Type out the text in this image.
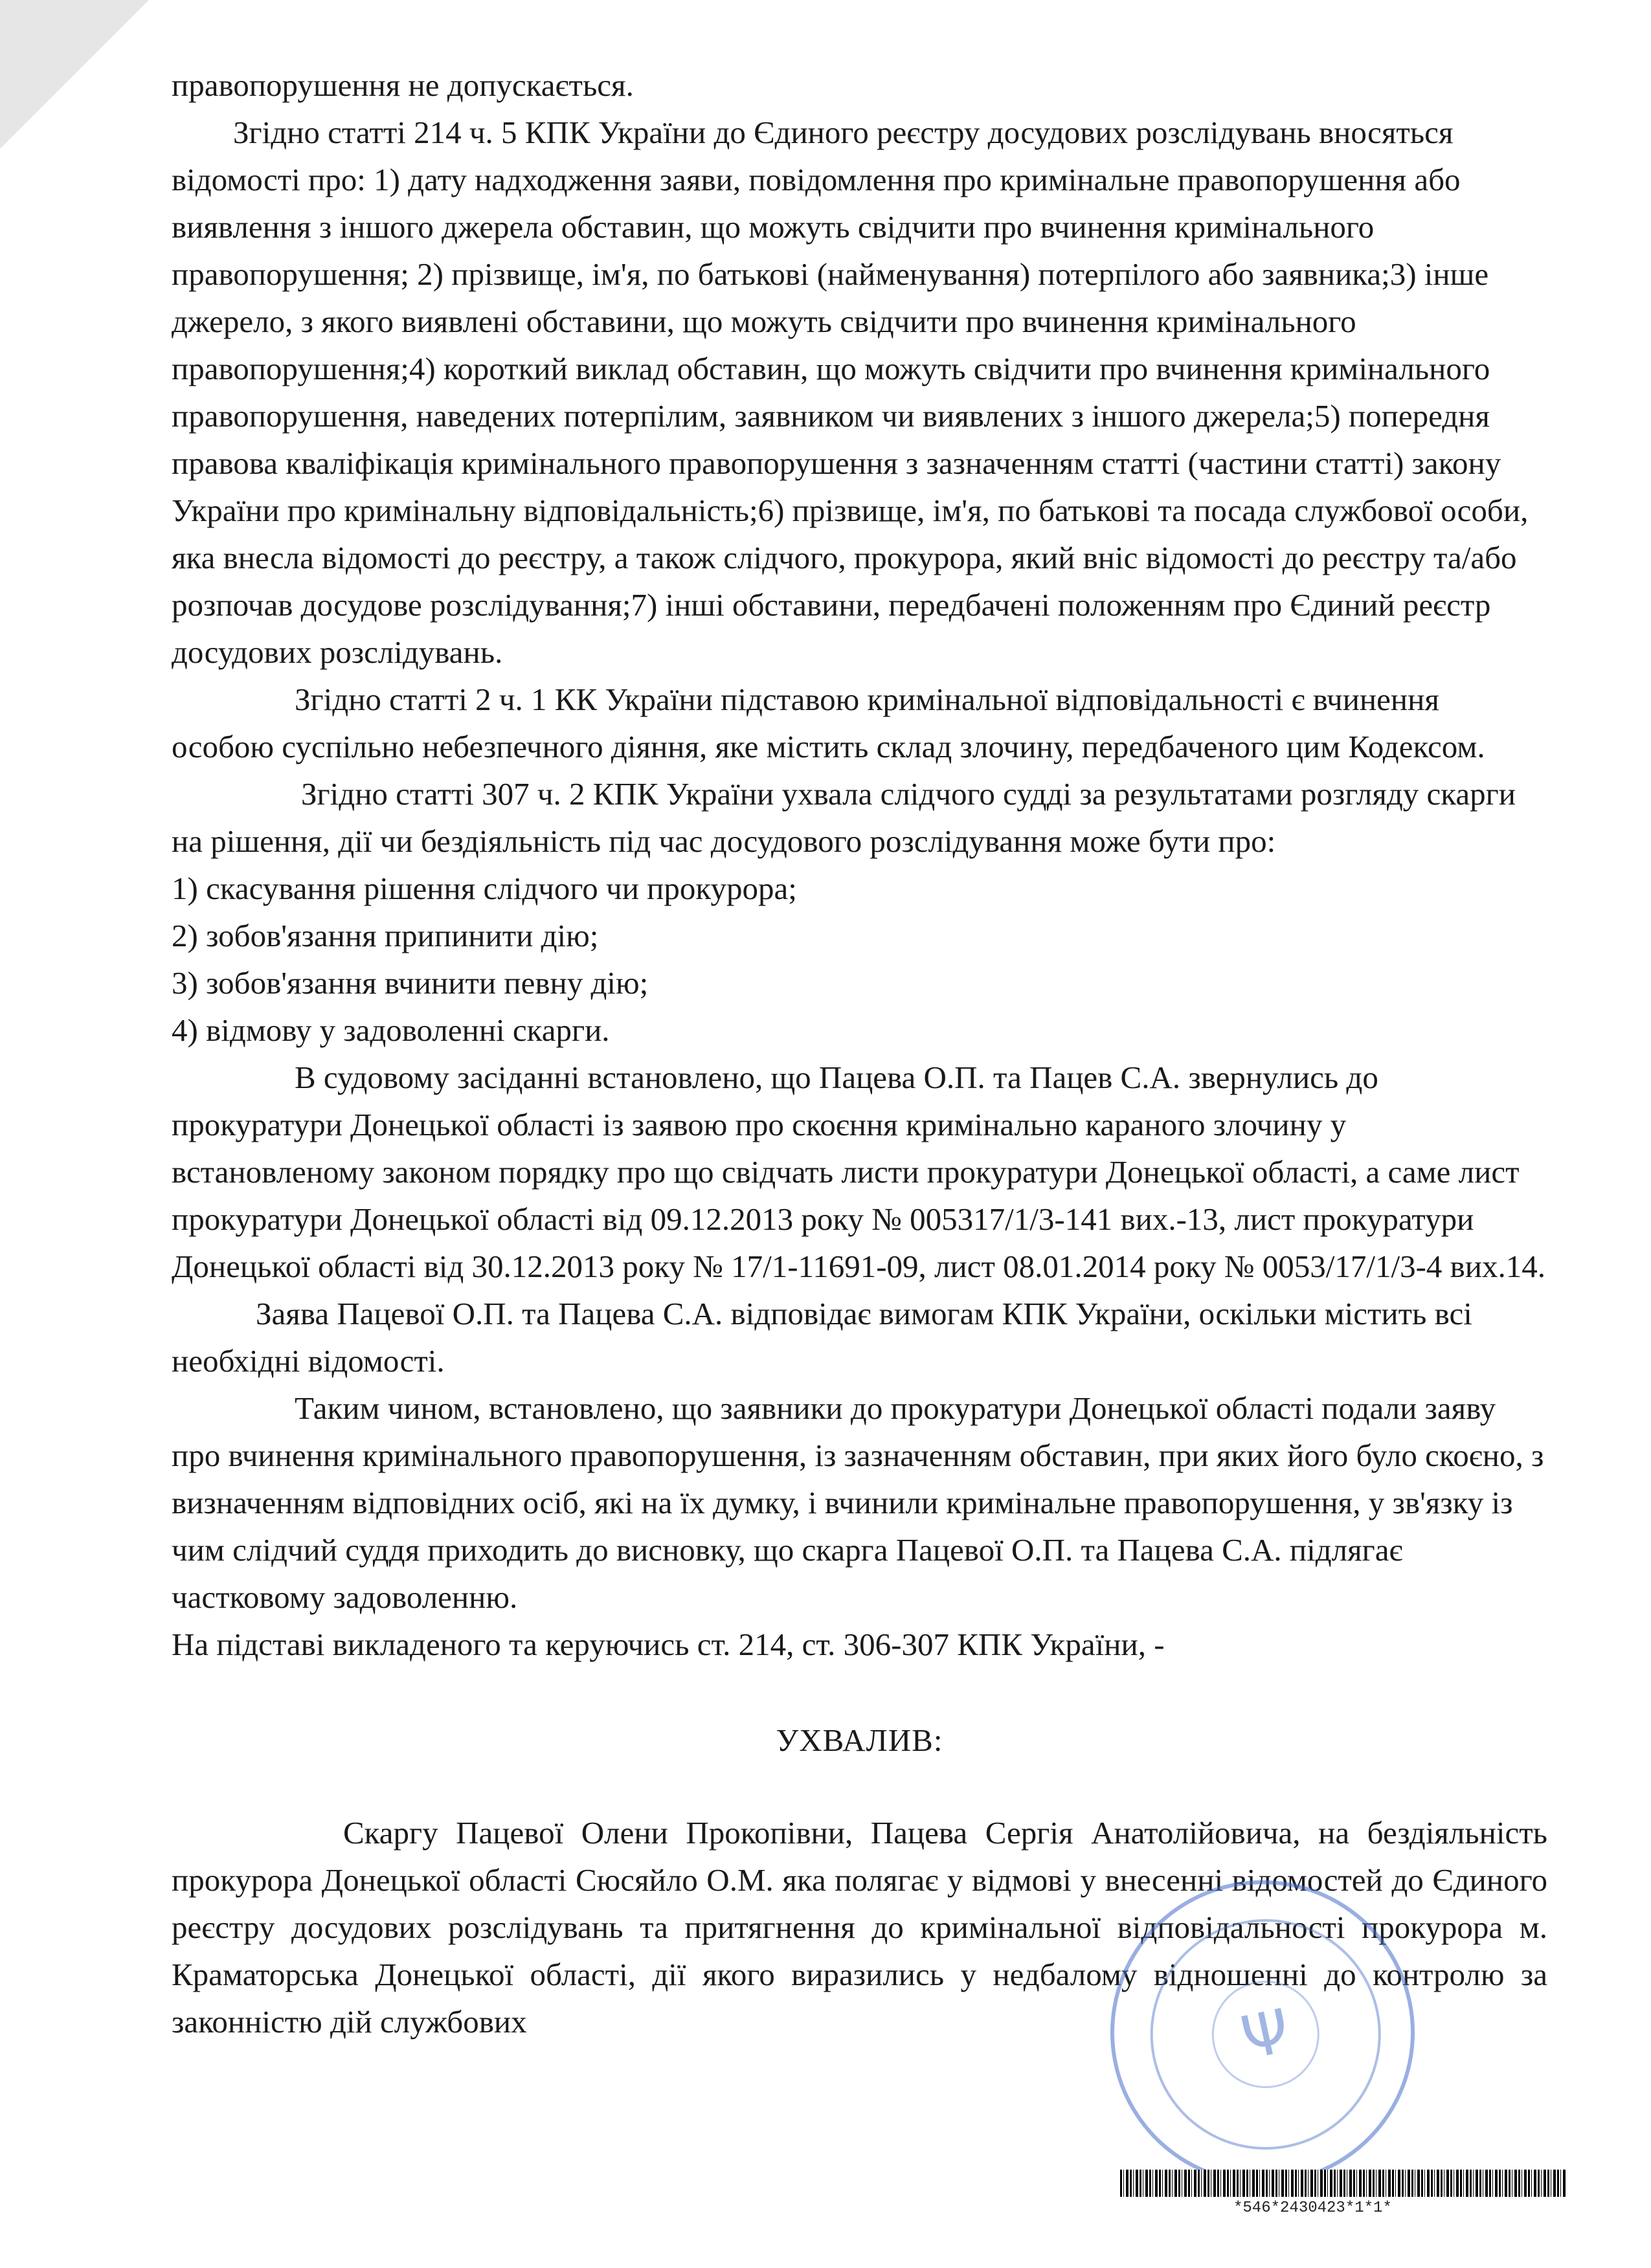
правопорушення не допускається.

Згідно статті 214 ч. 5 КПК України до Єдиного реєстру досудових розслідувань вносяться відомості про: 1) дату надходження заяви, повідомлення про кримінальне правопорушення або виявлення з іншого джерела обставин, що можуть свідчити про вчинення кримінального правопорушення; 2) прізвище, ім'я, по батькові (найменування) потерпілого або заявника;3) інше джерело, з якого виявлені обставини, що можуть свідчити про вчинення кримінального правопорушення;4) короткий виклад обставин, що можуть свідчити про вчинення кримінального правопорушення, наведених потерпілим, заявником чи виявлених з іншого джерела;5) попередня правова кваліфікація кримінального правопорушення з зазначенням статті (частини статті) закону України про кримінальну відповідальність;6) прізвище, ім'я, по батькові та посада службової особи, яка внесла відомості до реєстру, а також слідчого, прокурора, який вніс відомості до реєстру та/або розпочав досудове розслідування;7) інші обставини, передбачені положенням про Єдиний реєстр досудових розслідувань.

Згідно статті 2 ч. 1 КК України підставою кримінальної відповідальності є вчинення особою суспільно небезпечного діяння, яке містить склад злочину, передбаченого цим Кодексом.

Згідно статті 307 ч. 2 КПК України ухвала слідчого судді за результатами розгляду скарги на рішення, дії чи бездіяльність під час досудового розслідування може бути про:

1) скасування рішення слідчого чи прокурора;

2) зобов'язання припинити дію;

3) зобов'язання вчинити певну дію;

4) відмову у задоволенні скарги.

В судовому засіданні встановлено, що Пацева О.П. та Пацев С.А. звернулись до прокуратури Донецької області із заявою про скоєння кримінально караного злочину у встановленому законом порядку про що свідчать листи прокуратури Донецької області, а саме лист прокуратури Донецької області від 09.12.2013 року № 005317/1/3-141 вих.-13, лист прокуратури Донецької області від 30.12.2013 року № 17/1-11691-09, лист 08.01.2014 року № 0053/17/1/3-4 вих.14.

Заява Пацевої О.П. та Пацева С.А. відповідає вимогам КПК України, оскільки містить всі необхідні відомості.

Таким чином, встановлено, що заявники до прокуратури Донецької області подали заяву про вчинення кримінального правопорушення, із зазначенням обставин, при яких його було скоєно, з визначенням відповідних осіб, які на їх думку, і вчинили кримінальне правопорушення, у зв'язку із чим слідчий суддя приходить до висновку, що скарга Пацевої О.П. та Пацева С.А. підлягає частковому задоволенню.

На підставі викладеного та керуючись ст. 214, ст. 306-307 КПК України, -

УХВАЛИВ:

Скаргу Пацевої Олени Прокопівни, Пацева Сергія Анатолійовича, на бездіяльність прокурора Донецької області Сюсяйло О.М. яка полягає у відмові у внесенні відомостей до Єдиного реєстру досудових розслідувань та притягнення до кримінальної відповідальності прокурора м. Краматорська Донецької області, дії якого виразились у недбалому відношенні до контролю за законністю дій службових	Ψ
*546*2430423*1*1*
